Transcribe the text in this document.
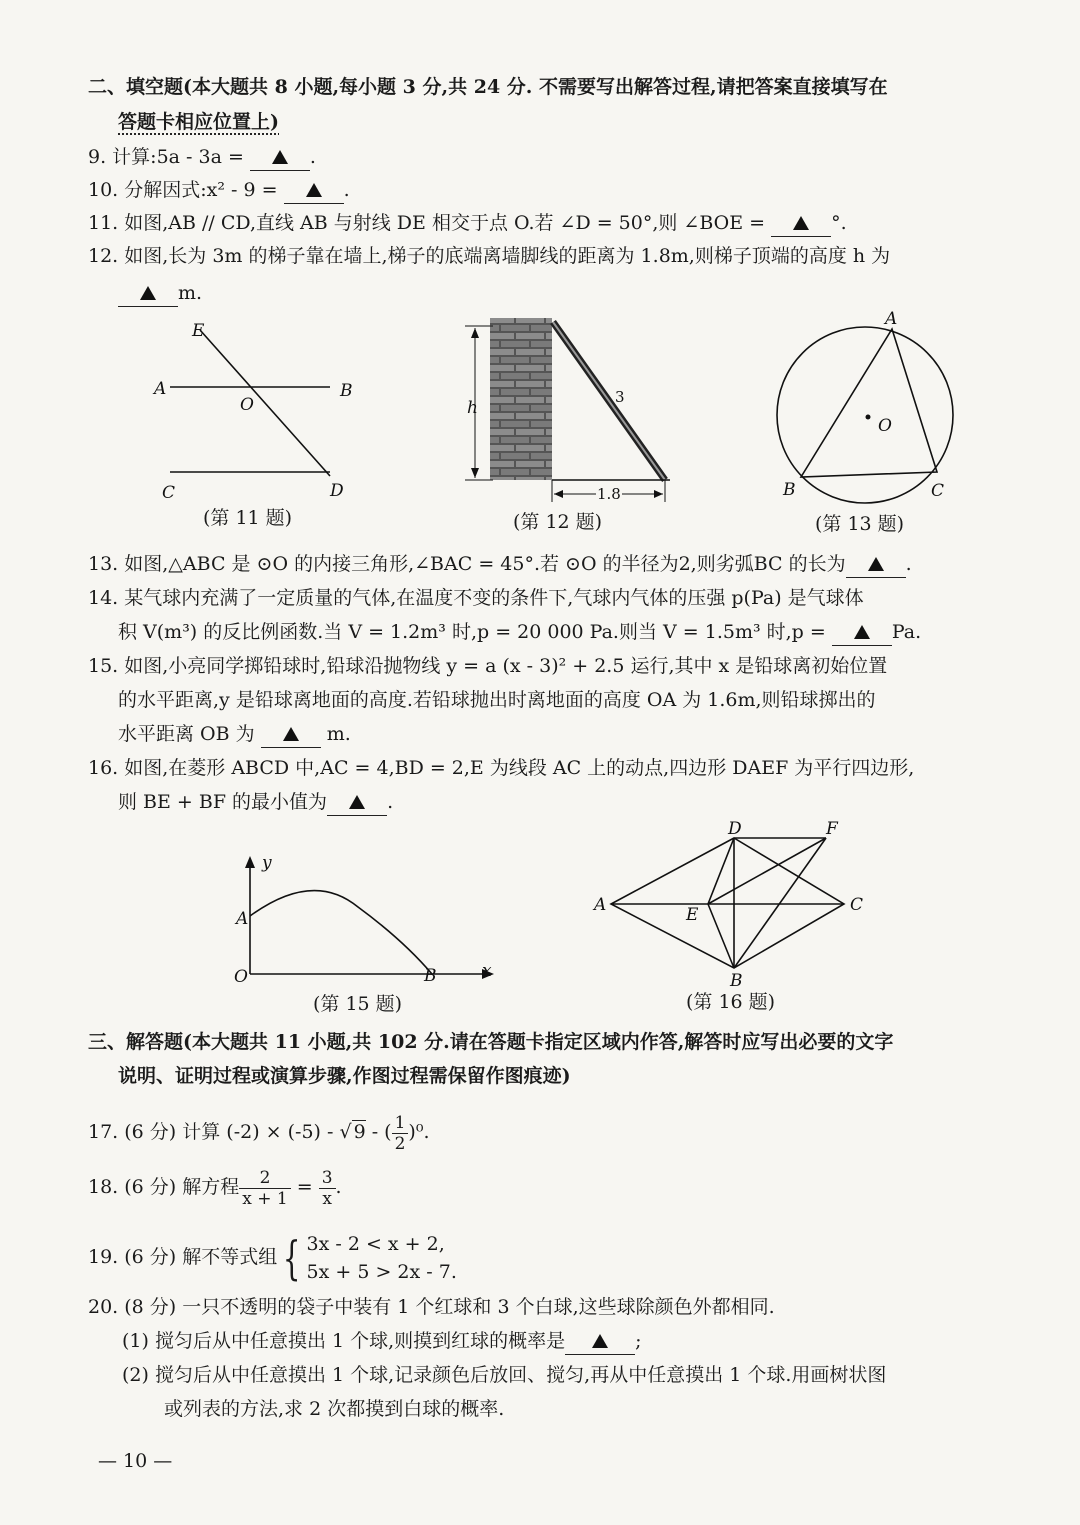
二、填空题(本大题共 8 小题,每小题 3 分,共 24 分. 不需要写出解答过程,请把答案直接填写在
答题卡相应位置上)
9. 计算:5a - 3a =	.
10. 分解因式:x² - 9 =	.
11. 如图,AB // CD,直线 AB 与射线 DE 相交于点 O.若 ∠D = 50°,则 ∠BOE =	°.
12. 如图,长为 3m 的梯子靠在墙上,梯子的底端离墙脚线的距离为 1.8m,则梯子顶端的高度 h 为
m.
E
A
O
B
C	D
(第 11 题)
1.8
3
h
(第 12 题)
A
O
B	C
(第 13 题)
13. 如图,△ABC 是 ⊙O 的内接三角形,∠BAC = 45°.若 ⊙O 的半径为2,则劣弧BC 的长为	.
14. 某气球内充满了一定质量的气体,在温度不变的条件下,气球内气体的压强 p(Pa) 是气球体
积 V(m³) 的反比例函数.当 V = 1.2m³ 时,p = 20 000 Pa.则当 V = 1.5m³ 时,p =	Pa.
15. 如图,小亮同学掷铅球时,铅球沿抛物线 y = a (x - 3)² + 2.5 运行,其中 x 是铅球离初始位置
的水平距离,y 是铅球离地面的高度.若铅球抛出时离地面的高度 OA 为 1.6m,则铅球掷出的
水平距离 OB 为	m.
16. 如图,在菱形 ABCD 中,AC = 4,BD = 2,E 为线段 AC 上的动点,四边形 DAEF 为平行四边形,
则 BE + BF 的最小值为	.
y
A
O	B	x
(第 15 题)
D	F
A	E	C
B
(第 16 题)
三、解答题(本大题共 11 小题,共 102 分.请在答题卡指定区域内作答,解答时应写出必要的文字
说明、证明过程或演算步骤,作图过程需保留作图痕迹)
17. (6 分) 计算 (-2) × (-5) - √ 9 - ( $\frac{1}{2} )^0$.
18. (6 分) 解方程 $\frac{2}{x + 1} = \frac{3}{x}$ .
19. (6 分) 解不等式组 { 3x - 2 < x + 2,
5x + 5 > 2x - 7.
20. (8 分) 一只不透明的袋子中装有 1 个红球和 3 个白球,这些球除颜色外都相同.
(1) 搅匀后从中任意摸出 1 个球,则摸到红球的概率是	;
(2) 搅匀后从中任意摸出 1 个球,记录颜色后放回、搅匀,再从中任意摸出 1 个球.用画树状图
或列表的方法,求 2 次都摸到白球的概率.
— 10 —
